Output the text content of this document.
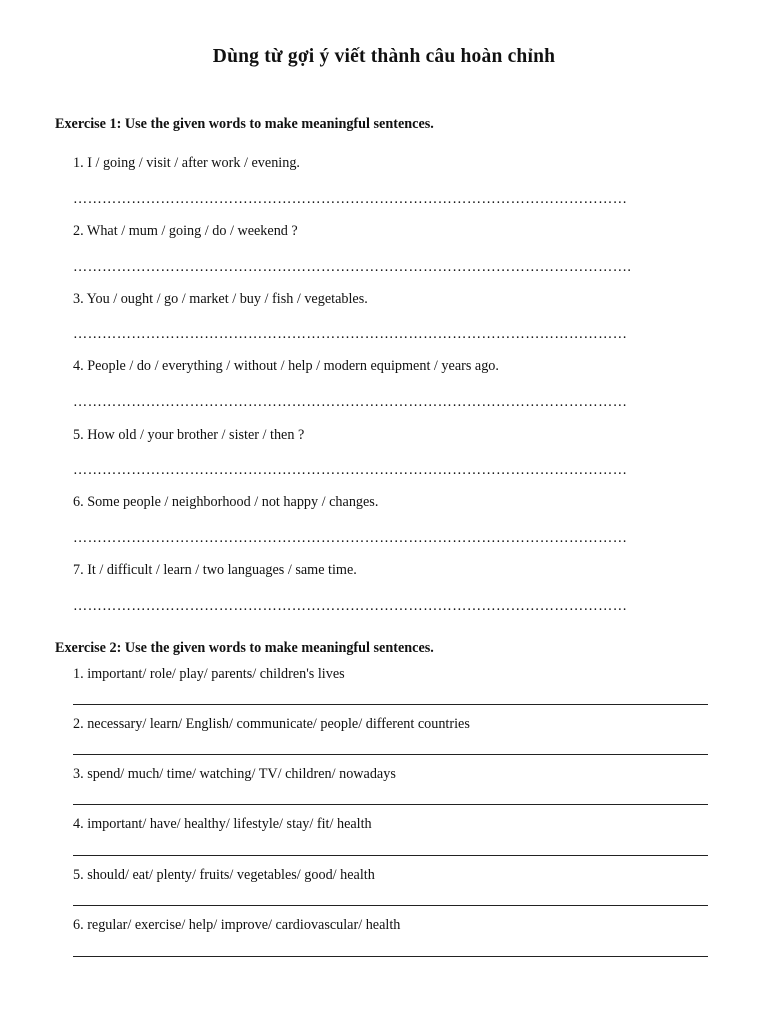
Dùng từ gợi ý viết thành câu hoàn chỉnh
Exercise 1: Use the given words to make meaningful sentences.
1. I / going / visit / after work / evening.
……………………………………………………………………………………………………
2. What / mum / going / do / weekend ?
…………………………………………………………………………………………………….
3. You / ought / go / market / buy / fish / vegetables.
……………………………………………………………………………………………………
4. People / do / everything / without / help / modern equipment / years ago.
……………………………………………………………………………………………………
5. How old / your brother / sister / then ?
……………………………………………………………………………………………………
6. Some people / neighborhood / not happy / changes.
……………………………………………………………………………………………………
7. It / difficult / learn / two languages / same time.
……………………………………………………………………………………………………
Exercise 2: Use the given words to make meaningful sentences.
1. important/ role/ play/ parents/ children's lives
2. necessary/ learn/ English/ communicate/ people/ different countries
3. spend/ much/ time/ watching/ TV/ children/ nowadays
4. important/ have/ healthy/ lifestyle/ stay/ fit/ health
5. should/ eat/ plenty/ fruits/ vegetables/ good/ health
6. regular/ exercise/ help/ improve/ cardiovascular/ health
